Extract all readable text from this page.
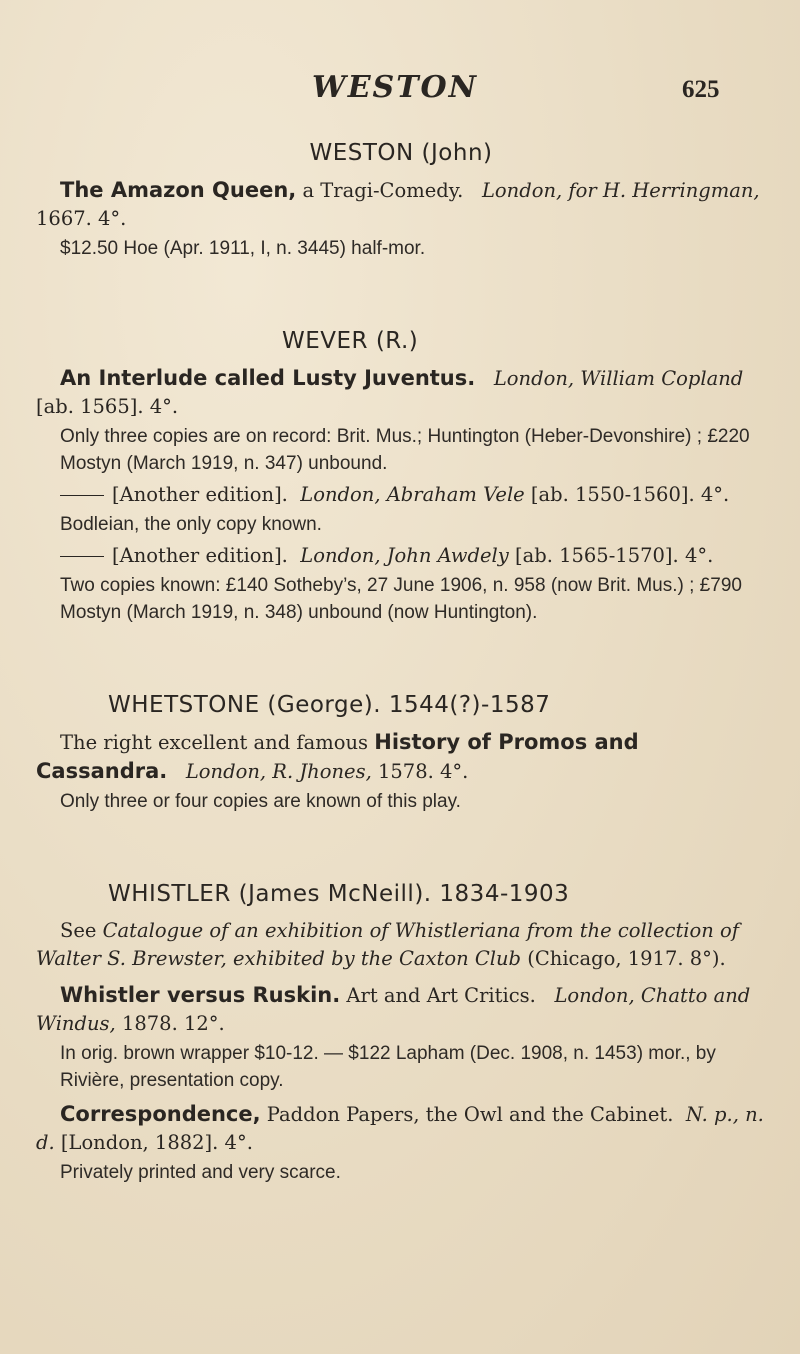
WESTON	625
WESTON (John)

The Amazon Queen, a Tragi-Comedy. London, for H. Herringman, 1667. 4°.

$12.50 Hoe (Apr. 1911, I, n. 3445) half-mor.

WEVER (R.)

An Interlude called Lusty Juventus. London, William Copland [ab. 1565]. 4°.

Only three copies are on record: Brit. Mus.; Huntington (Heber-Devonshire) ; £220 Mostyn (March 1919, n. 347) unbound.

[Another edition]. London, Abraham Vele [ab. 1550-1560]. 4°.

Bodleian, the only copy known.

[Another edition]. London, John Awdely [ab. 1565-1570]. 4°.

Two copies known: £140 Sotheby’s, 27 June 1906, n. 958 (now Brit. Mus.) ; £790 Mostyn (March 1919, n. 348) unbound (now Huntington).

WHETSTONE (George). 1544(?)-1587

The right excellent and famous History of Promos and Cassandra. London, R. Jhones, 1578. 4°.

Only three or four copies are known of this play.

WHISTLER (James McNeill). 1834-1903

See Catalogue of an exhibition of Whistleriana from the collection of Walter S. Brewster, exhibited by the Caxton Club (Chicago, 1917. 8°).

Whistler versus Ruskin. Art and Art Critics. London, Chatto and Windus, 1878. 12°.

In orig. brown wrapper $10-12. — $122 Lapham (Dec. 1908, n. 1453) mor., by Rivière, presentation copy.

Correspondence, Paddon Papers, the Owl and the Cabinet. N. p., n. d. [London, 1882]. 4°.

Privately printed and very scarce.
